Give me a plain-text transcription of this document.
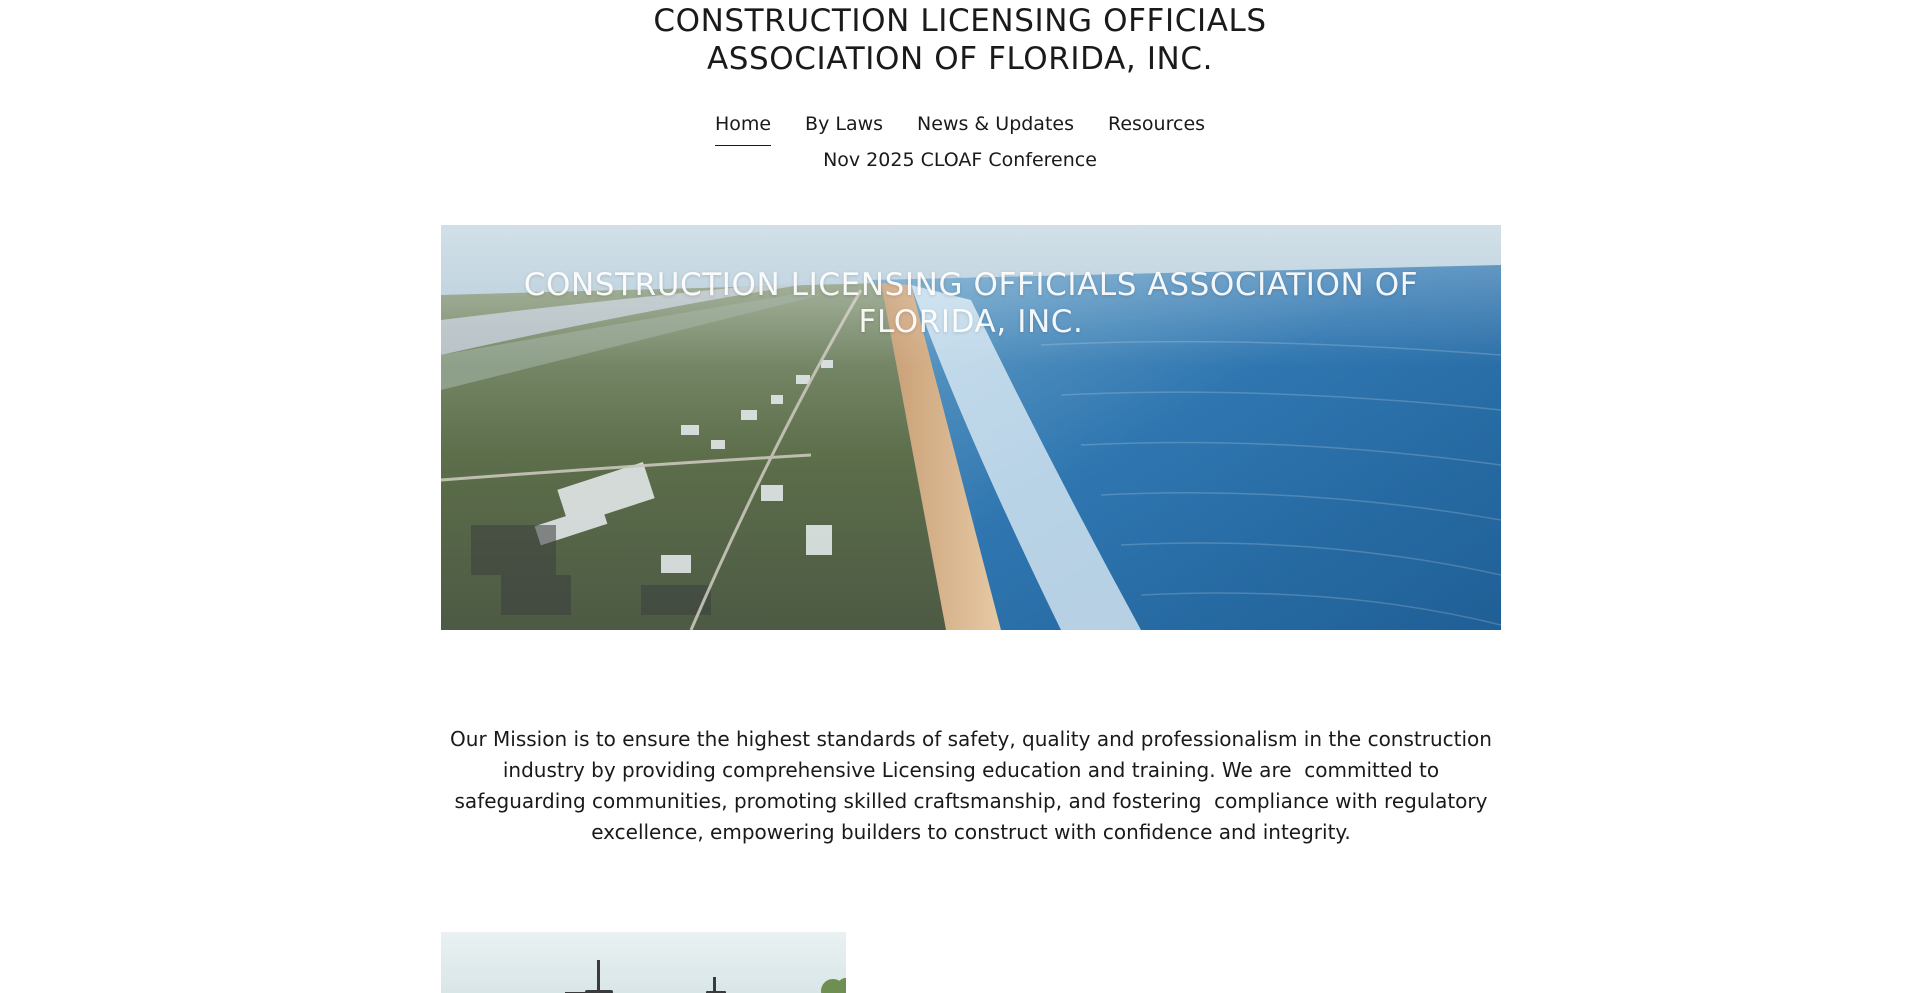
CONSTRUCTION LICENSING OFFICIALS
ASSOCIATION OF FLORIDA, INC.
Home By Laws News & Updates Resources
Nov 2025 CLOAF Conference
CONSTRUCTION LICENSING OFFICIALS ASSOCIATION OF FLORIDA, INC.

Our Mission is to ensure the highest standards of safety, quality and professionalism in the construction industry by providing comprehensive Licensing education and training. We are  committed to safeguarding communities, promoting skilled craftsmanship, and fostering  compliance with regulatory excellence, empowering builders to construct with confidence and integrity.
